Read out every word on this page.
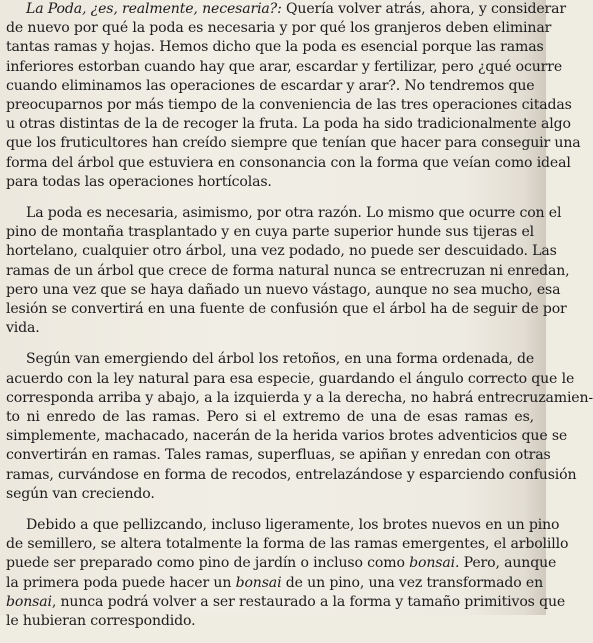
La Poda, ¿es, realmente, necesaria?: Quería volver atrás, ahora, y considerar
de nuevo por qué la poda es necesaria y por qué los granjeros deben eliminar
tantas ramas y hojas. Hemos dicho que la poda es esencial porque las ramas
inferiores estorban cuando hay que arar, escardar y fertilizar, pero ¿qué ocurre
cuando eliminamos las operaciones de escardar y arar?. No tendremos que
preocuparnos por más tiempo de la conveniencia de las tres operaciones citadas
u otras distintas de la de recoger la fruta. La poda ha sido tradicionalmente algo
que los fruticultores han creído siempre que tenían que hacer para conseguir una
forma del árbol que estuviera en consonancia con la forma que veían como ideal
para todas las operaciones hortícolas.
La poda es necesaria, asimismo, por otra razón. Lo mismo que ocurre con el
pino de montaña trasplantado y en cuya parte superior hunde sus tijeras el
hortelano, cualquier otro árbol, una vez podado, no puede ser descuidado. Las
ramas de un árbol que crece de forma natural nunca se entrecruzan ni enredan,
pero una vez que se haya dañado un nuevo vástago, aunque no sea mucho, esa
lesión se convertirá en una fuente de confusión que el árbol ha de seguir de por
vida.
Según van emergiendo del árbol los retoños, en una forma ordenada, de
acuerdo con la ley natural para esa especie, guardando el ángulo correcto que le
corresponda arriba y abajo, a la izquierda y a la derecha, no habrá entrecruzamien-
to ni enredo de las ramas. Pero si el extremo de una de esas ramas es,
simplemente, machacado, nacerán de la herida varios brotes adventicios que se
convertirán en ramas. Tales ramas, superfluas, se apiñan y enredan con otras
ramas, curvándose en forma de recodos, entrelazándose y esparciendo confusión
según van creciendo.
Debido a que pellizcando, incluso ligeramente, los brotes nuevos en un pino
de semillero, se altera totalmente la forma de las ramas emergentes, el arbolillo
puede ser preparado como pino de jardín o incluso como bonsai. Pero, aunque
la primera poda puede hacer un bonsai de un pino, una vez transformado en
bonsai, nunca podrá volver a ser restaurado a la forma y tamaño primitivos que
le hubieran correspondido.
